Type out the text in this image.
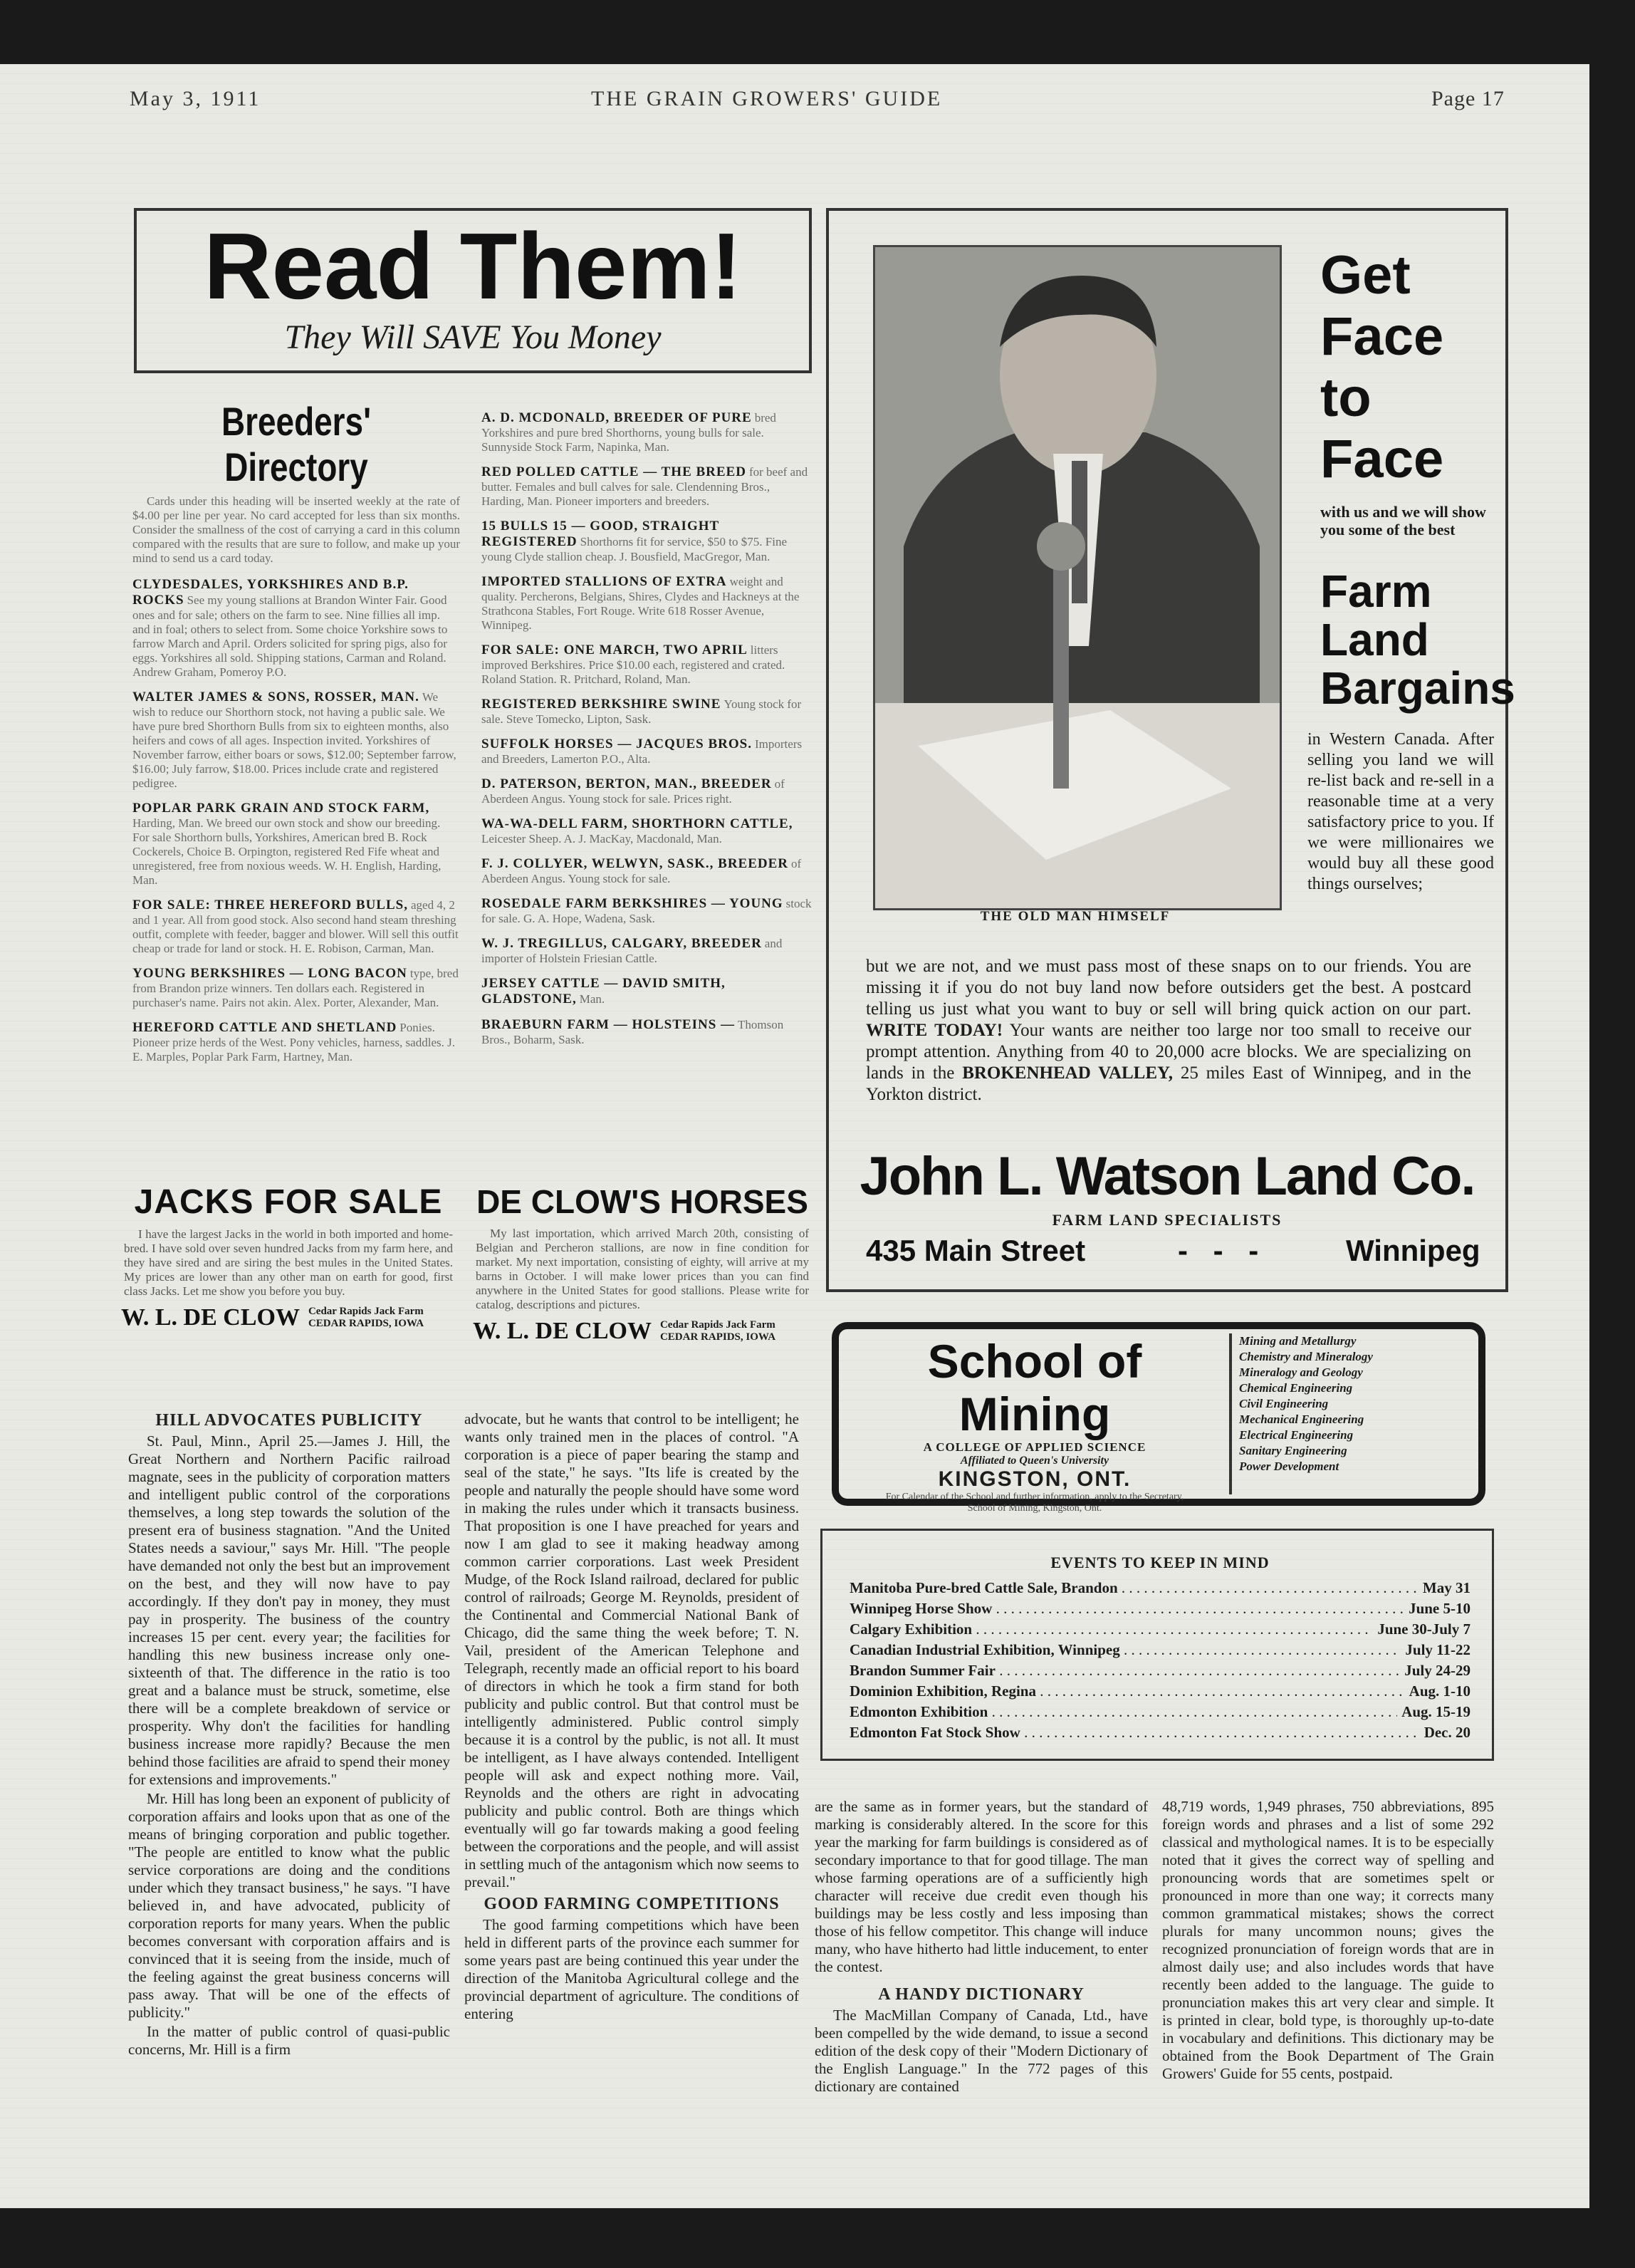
May 3, 1911	THE GRAIN GROWERS' GUIDE	Page 17
Read Them!
They Will SAVE You Money
Breeders' Directory
Cards under this heading will be inserted weekly at the rate of $4.00 per line per year. No card accepted for less than six months. Consider the smallness of the cost of carrying a card in this column compared with the results that are sure to follow, and make up your mind to send us a card today.
CLYDESDALES, YORKSHIRES AND B.P. ROCKS See my young stallions at Brandon Winter Fair. Good ones and for sale; others on the farm to see. Nine fillies all imp. and in foal; others to select from. Some choice Yorkshire sows to farrow March and April. Orders solicited for spring pigs, also for eggs. Yorkshires all sold. Shipping stations, Carman and Roland. Andrew Graham, Pomeroy P.O.
WALTER JAMES & SONS, ROSSER, MAN. We wish to reduce our Shorthorn stock, not having a public sale. We have pure bred Shorthorn Bulls from six to eighteen months, also heifers and cows of all ages. Inspection invited. Yorkshires of November farrow, either boars or sows, $12.00; September farrow, $16.00; July farrow, $18.00. Prices include crate and registered pedigree.
POPLAR PARK GRAIN AND STOCK FARM, Harding, Man. We breed our own stock and show our breeding. For sale Shorthorn bulls, Yorkshires, American bred B. Rock Cockerels, Choice B. Orpington, registered Red Fife wheat and unregistered, free from noxious weeds. W. H. English, Harding, Man.
FOR SALE: THREE HEREFORD BULLS, aged 4, 2 and 1 year. All from good stock. Also second hand steam threshing outfit, complete with feeder, bagger and blower. Will sell this outfit cheap or trade for land or stock. H. E. Robison, Carman, Man.
YOUNG BERKSHIRES — LONG BACON type, bred from Brandon prize winners. Ten dollars each. Registered in purchaser's name. Pairs not akin. Alex. Porter, Alexander, Man.
HEREFORD CATTLE AND SHETLAND Ponies. Pioneer prize herds of the West. Pony vehicles, harness, saddles. J. E. Marples, Poplar Park Farm, Hartney, Man.
A. D. MCDONALD, BREEDER OF PURE bred Yorkshires and pure bred Shorthorns, young bulls for sale. Sunnyside Stock Farm, Napinka, Man.
RED POLLED CATTLE — THE BREED for beef and butter. Females and bull calves for sale. Clendenning Bros., Harding, Man. Pioneer importers and breeders.
15 BULLS 15 — GOOD, STRAIGHT REGISTERED Shorthorns fit for service, $50 to $75. Fine young Clyde stallion cheap. J. Bousfield, MacGregor, Man.
IMPORTED STALLIONS OF EXTRA weight and quality. Percherons, Belgians, Shires, Clydes and Hackneys at the Strathcona Stables, Fort Rouge. Write 618 Rosser Avenue, Winnipeg.
FOR SALE: ONE MARCH, TWO APRIL litters improved Berkshires. Price $10.00 each, registered and crated. Roland Station. R. Pritchard, Roland, Man.
REGISTERED BERKSHIRE SWINE Young stock for sale. Steve Tomecko, Lipton, Sask.
SUFFOLK HORSES — JACQUES BROS. Importers and Breeders, Lamerton P.O., Alta.
D. PATERSON, BERTON, MAN., BREEDER of Aberdeen Angus. Young stock for sale. Prices right.
WA-WA-DELL FARM, SHORTHORN CATTLE, Leicester Sheep. A. J. MacKay, Macdonald, Man.
F. J. COLLYER, WELWYN, SASK., BREEDER of Aberdeen Angus. Young stock for sale.
ROSEDALE FARM BERKSHIRES — YOUNG stock for sale. G. A. Hope, Wadena, Sask.
W. J. TREGILLUS, CALGARY, BREEDER and importer of Holstein Friesian Cattle.
JERSEY CATTLE — DAVID SMITH, GLADSTONE, Man.
BRAEBURN FARM — HOLSTEINS — Thomson Bros., Boharm, Sask.
JACKS FOR SALE
I have the largest Jacks in the world in both imported and home-bred. I have sold over seven hundred Jacks from my farm here, and they have sired and are siring the best mules in the United States. My prices are lower than any other man on earth for good, first class Jacks. Let me show you before you buy.
W. L. DE CLOW Cedar Rapids Jack Farm
CEDAR RAPIDS, IOWA
DE CLOW'S HORSES
My last importation, which arrived March 20th, consisting of Belgian and Percheron stallions, are now in fine condition for market. My next importation, consisting of eighty, will arrive at my barns in October. I will make lower prices than you can find anywhere in the United States for good stallions. Please write for catalog, descriptions and pictures.
W. L. DE CLOW Cedar Rapids Jack Farm
CEDAR RAPIDS, IOWA
THE OLD MAN HIMSELF
Get
Face
to
Face
with us and we will show you some of the best
Farm
Land
Bargains
in Western Canada. After selling you land we will re-list back and re-sell in a reasonable time at a very satisfactory price to you. If we were millionaires we would buy all these good things ourselves;
but we are not, and we must pass most of these snaps on to our friends. You are missing it if you do not buy land now before outsiders get the best. A postcard telling us just what you want to buy or sell will bring quick action on our part. WRITE TODAY! Your wants are neither too large nor too small to receive our prompt attention. Anything from 40 to 20,000 acre blocks. We are specializing on lands in the BROKENHEAD VALLEY, 25 miles East of Winnipeg, and in the Yorkton district.
John L. Watson Land Co.
FARM LAND SPECIALISTS
435 Main Street	- - -	Winnipeg
School of Mining
A COLLEGE OF APPLIED SCIENCE
Affiliated to Queen's University
KINGSTON, ONT.
For Calendar of the School and further information, apply to the Secretary, School of Mining, Kingston, Ont.
Mining and Metallurgy
Chemistry and Mineralogy
Mineralogy and Geology
Chemical Engineering
Civil Engineering
Mechanical Engineering
Electrical Engineering
Sanitary Engineering
Power Development
EVENTS TO KEEP IN MIND
Manitoba Pure-bred Cattle Sale, Brandon . . .	May 31
Winnipeg Horse Show . . .	June 5-10
Calgary Exhibition . . .	June 30-July 7
Canadian Industrial Exhibition, Winnipeg . . .	July 11-22
Brandon Summer Fair . . .	July 24-29
Dominion Exhibition, Regina . . .	Aug. 1-10
Edmonton Exhibition . . .	Aug. 15-19
Edmonton Fat Stock Show . . .	Dec. 20
HILL ADVOCATES PUBLICITY

St. Paul, Minn., April 25.—James J. Hill, the Great Northern and Northern Pacific railroad magnate, sees in the publicity of corporation matters and intelligent public control of the corporations themselves, a long step towards the solution of the present era of business stagnation. "And the United States needs a saviour," says Mr. Hill. "The people have demanded not only the best but an improvement on the best, and they will now have to pay accordingly. If they don't pay in money, they must pay in prosperity. The business of the country increases 15 per cent. every year; the facilities for handling this new business increase only one-sixteenth of that. The difference in the ratio is too great and a balance must be struck, sometime, else there will be a complete breakdown of service or prosperity. Why don't the facilities for handling business increase more rapidly? Because the men behind those facilities are afraid to spend their money for extensions and improvements."

Mr. Hill has long been an exponent of publicity of corporation affairs and looks upon that as one of the means of bringing corporation and public together. "The people are entitled to know what the public service corporations are doing and the conditions under which they transact business," he says. "I have believed in, and have advocated, publicity of corporation reports for many years. When the public becomes conversant with corporation affairs and is convinced that it is seeing from the inside, much of the feeling against the great business concerns will pass away. That will be one of the effects of publicity."

In the matter of public control of quasi-public concerns, Mr. Hill is a firm

advocate, but he wants that control to be intelligent; he wants only trained men in the places of control. "A corporation is a piece of paper bearing the stamp and seal of the state," he says. "Its life is created by the people and naturally the people should have some word in making the rules under which it transacts business. That proposition is one I have preached for years and now I am glad to see it making headway among common carrier corporations. Last week President Mudge, of the Rock Island railroad, declared for public control of railroads; George M. Reynolds, president of the Continental and Commercial National Bank of Chicago, did the same thing the week before; T. N. Vail, president of the American Telephone and Telegraph, recently made an official report to his board of directors in which he took a firm stand for both publicity and public control. But that control must be intelligently administered. Public control simply because it is a control by the public, is not all. It must be intelligent, as I have always contended. Intelligent people will ask and expect nothing more. Vail, Reynolds and the others are right in advocating publicity and public control. Both are things which eventually will go far towards making a good feeling between the corporations and the people, and will assist in settling much of the antagonism which now seems to prevail."

GOOD FARMING COMPETITIONS

The good farming competitions which have been held in different parts of the province each summer for some years past are being continued this year under the direction of the Manitoba Agricultural college and the provincial department of agriculture. The conditions of entering

are the same as in former years, but the standard of marking is considerably altered. In the score for this year the marking for farm buildings is considered as of secondary importance to that for good tillage. The man whose farming operations are of a sufficiently high character will receive due credit even though his buildings may be less costly and less imposing than those of his fellow competitor. This change will induce many, who have hitherto had little inducement, to enter the contest.

A HANDY DICTIONARY

The MacMillan Company of Canada, Ltd., have been compelled by the wide demand, to issue a second edition of the desk copy of their "Modern Dictionary of the English Language." In the 772 pages of this dictionary are contained

48,719 words, 1,949 phrases, 750 abbreviations, 895 foreign words and phrases and a list of some 292 classical and mythological names. It is to be especially noted that it gives the correct way of spelling and pronouncing words that are sometimes spelt or pronounced in more than one way; it corrects many common grammatical mistakes; shows the correct plurals for many uncommon nouns; gives the recognized pronunciation of foreign words that are in almost daily use; and also includes words that have recently been added to the language. The guide to pronunciation makes this art very clear and simple. It is printed in clear, bold type, is thoroughly up-to-date in vocabulary and definitions. This dictionary may be obtained from the Book Department of The Grain Growers' Guide for 55 cents, postpaid.
